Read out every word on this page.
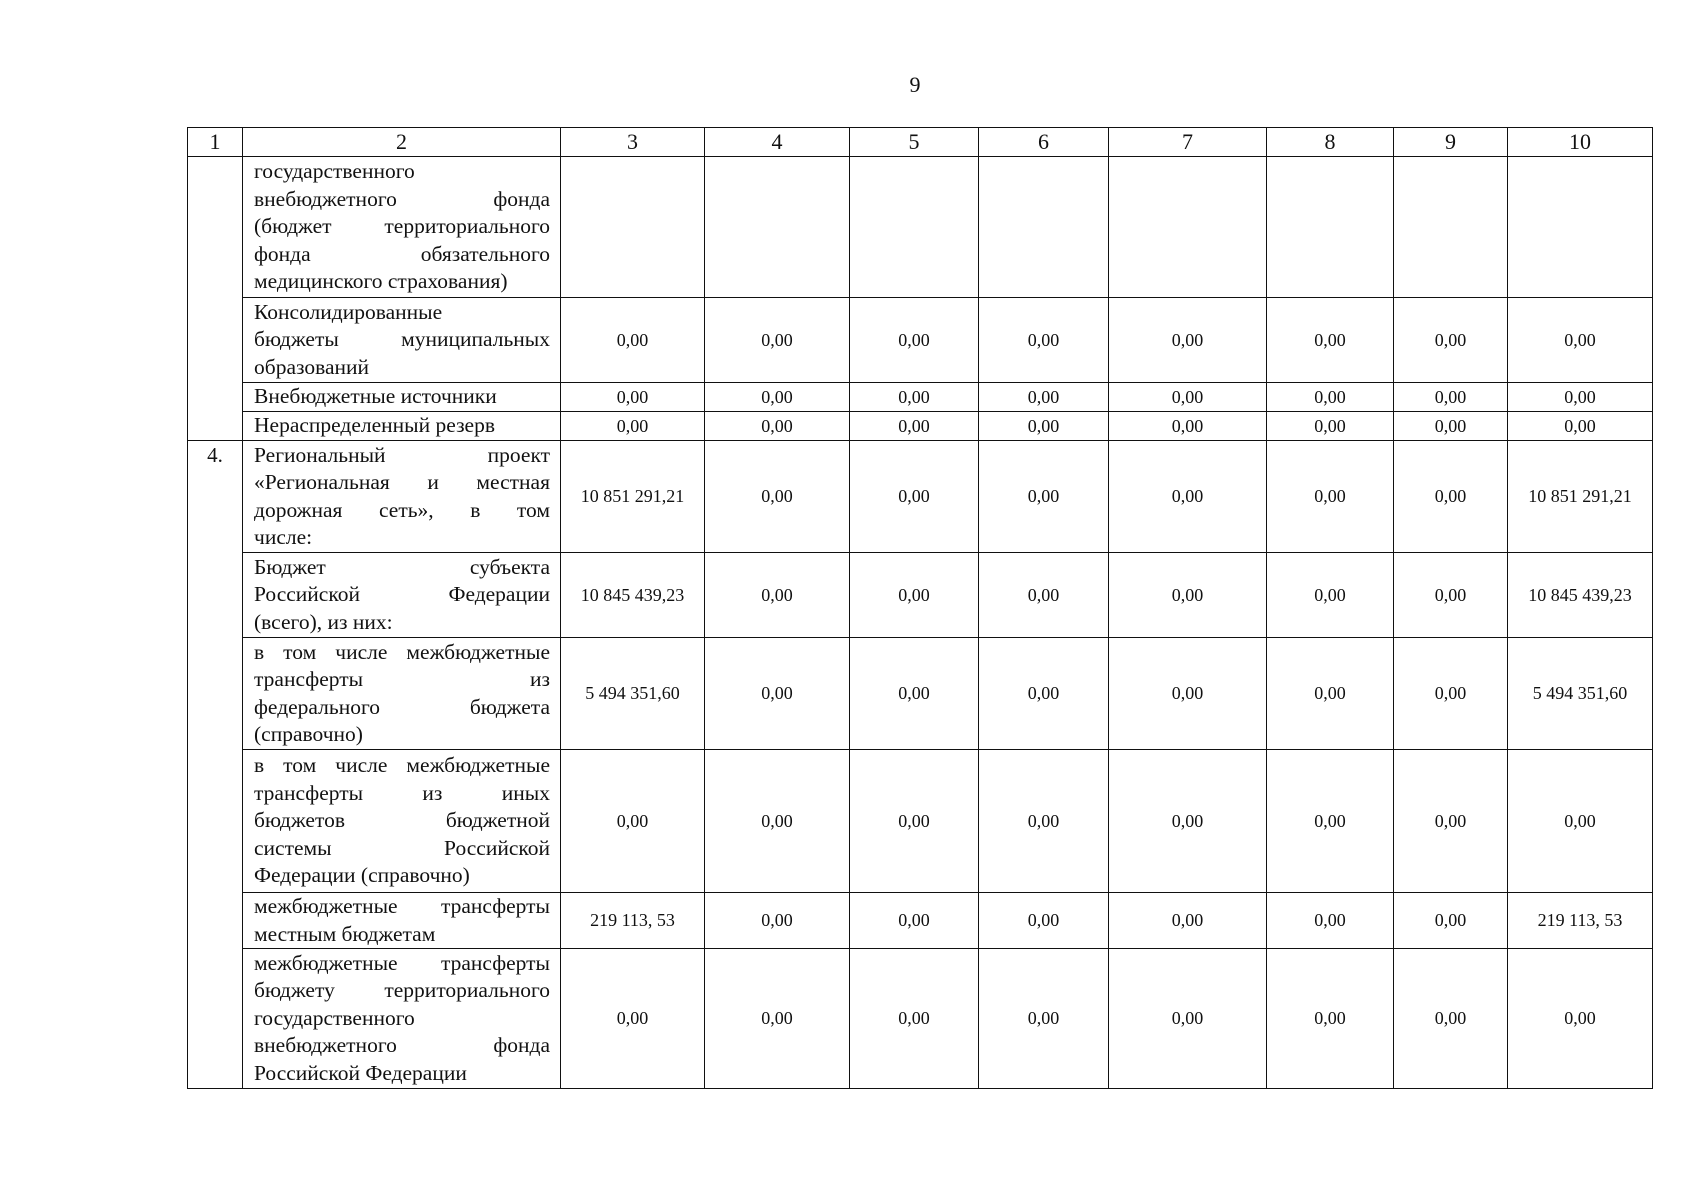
9
1	2	3	4	5	6	7	8	9	10

	государственного
внебюджетного фонда
(бюджет территориального
фонда обязательного
медицинского страхования)								

	Консолидированные
бюджеты муниципальных
образований	0,00	0,00	0,00	0,00	0,00	0,00	0,00	0,00

	Внебюджетные источники	0,00	0,00	0,00	0,00	0,00	0,00	0,00	0,00

	Нераспределенный резерв	0,00	0,00	0,00	0,00	0,00	0,00	0,00	0,00
4.	Региональный проект
«Региональная и местная
дорожная сеть», в том
числе:	10 851 291,21	0,00	0,00	0,00	0,00	0,00	0,00	10 851 291,21

	Бюджет субъекта
Российской Федерации
(всего), из них:	10 845 439,23	0,00	0,00	0,00	0,00	0,00	0,00	10 845 439,23

	в том числе межбюджетные
трансферты из
федерального бюджета
(справочно)	5 494 351,60	0,00	0,00	0,00	0,00	0,00	0,00	5 494 351,60

	в том числе межбюджетные
трансферты из иных
бюджетов бюджетной
системы Российской
Федерации (справочно)	0,00	0,00	0,00	0,00	0,00	0,00	0,00	0,00

	межбюджетные трансферты
местным бюджетам	219 113, 53	0,00	0,00	0,00	0,00	0,00	0,00	219 113, 53

	межбюджетные трансферты
бюджету территориального
государственного
внебюджетного фонда
Российской Федерации	0,00	0,00	0,00	0,00	0,00	0,00	0,00	0,00
